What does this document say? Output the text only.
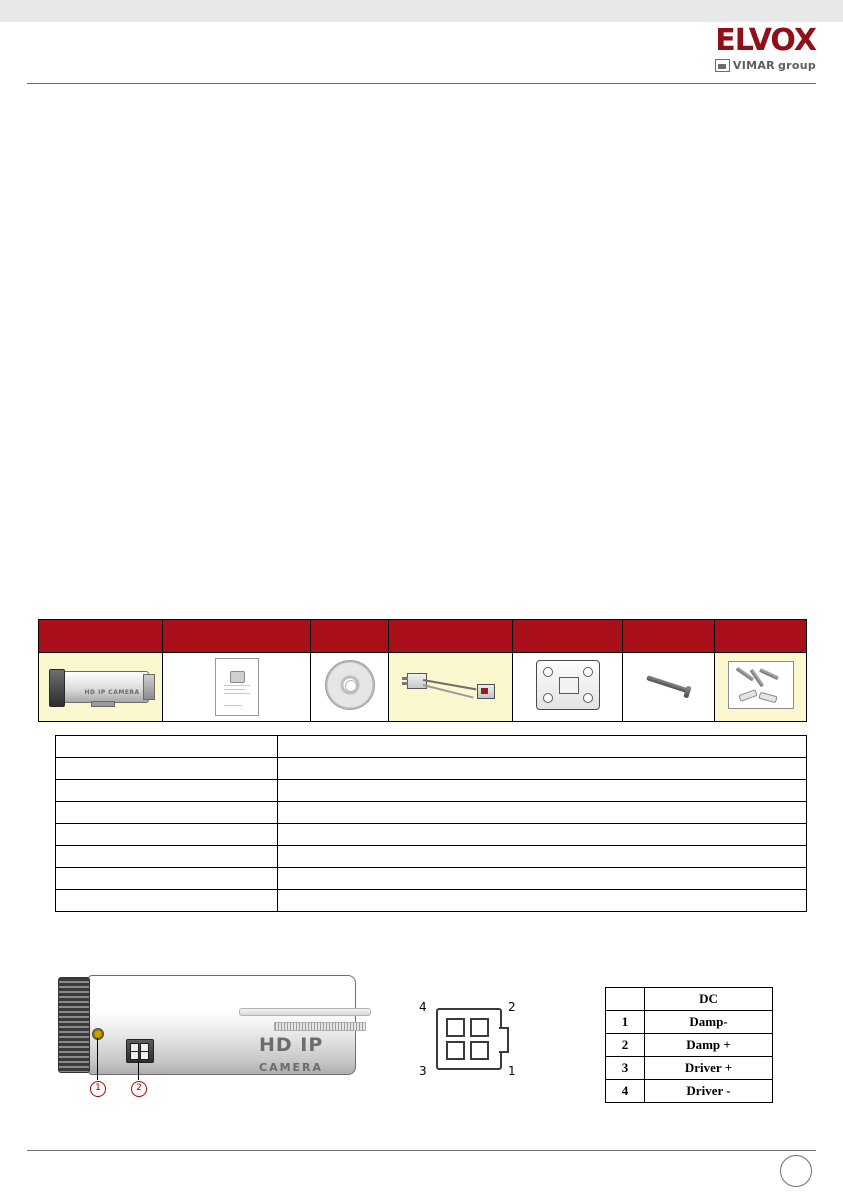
ELVOX
VIMAR group

HD IP CAMERA						

HD IP CAMERA
1	2
4	2
3	1
	DC
1	Damp-
2	Damp +
3	Driver +
4	Driver -
